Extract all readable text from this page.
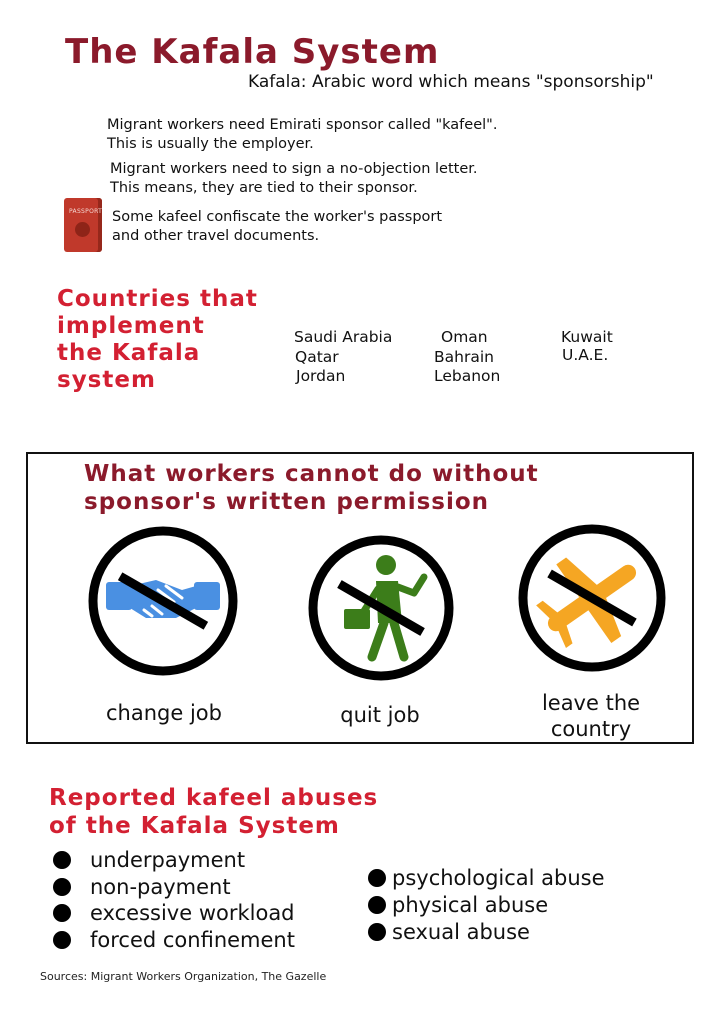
The Kafala System
Kafala: Arabic word which means "sponsorship"
Migrant workers need Emirati sponsor called "kafeel".
This is usually the employer.
Migrant workers need to sign a no-objection letter.
This means, they are tied to their sponsor.
PASSPORT Some kafeel confiscate the worker's passport
and other travel documents.
Countries that
implement
the Kafala
system
Saudi Arabia
Qatar
Jordan
Oman
Bahrain
Lebanon
Kuwait
U.A.E.
What workers cannot do without
sponsor's written permission
change job	quit job	leave the
country
Reported kafeel abuses
of the Kafala System
underpayment
non-payment
excessive workload
forced confinement
psychological abuse
physical abuse
sexual abuse
Sources: Migrant Workers Organization, The Gazelle
